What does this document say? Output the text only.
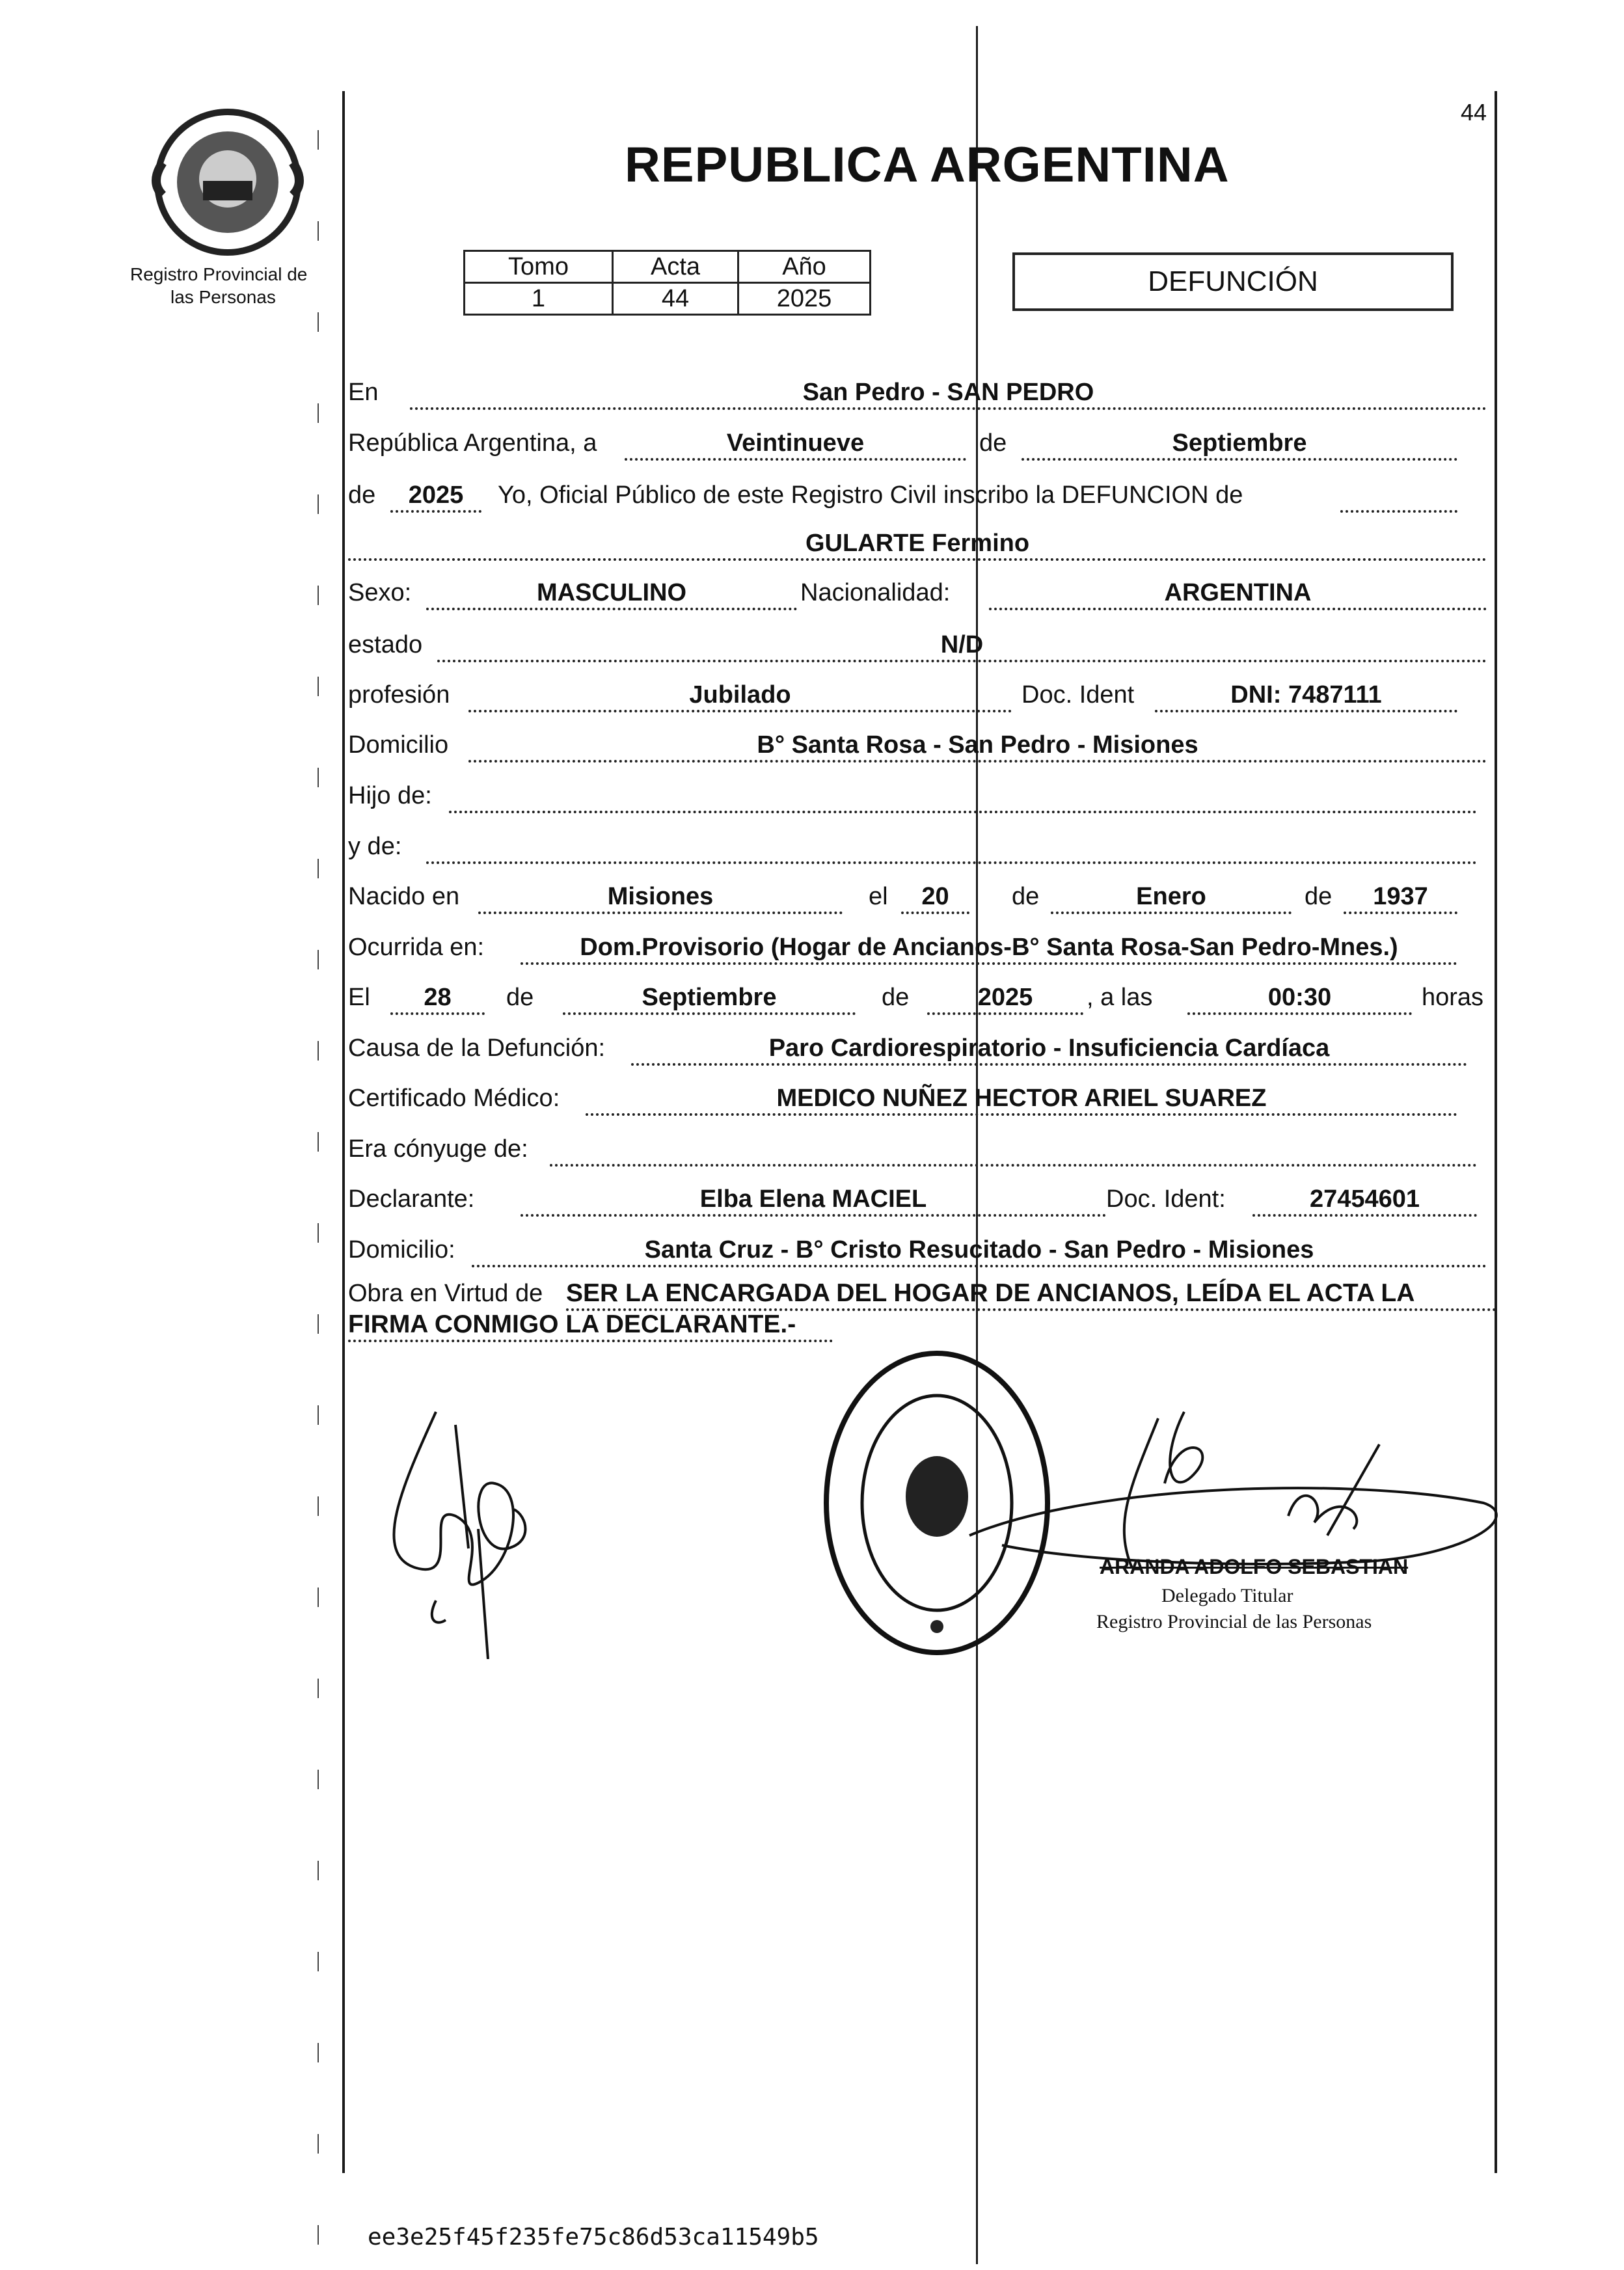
Registro Provincial de
las Personas
44
REPUBLICA ARGENTINA
Tomo	Acta	Año
1	44	2025
DEFUNCIÓN
En	San Pedro - SAN PEDRO
República Argentina, a	Veintinueve	de	Septiembre
de	2025	Yo, Oficial Público de este Registro Civil inscribo la DEFUNCION de
GULARTE Fermino
Sexo:	MASCULINO	Nacionalidad:	ARGENTINA
estado	N/D
profesión	Jubilado	Doc. Ident	DNI: 7487111
Domicilio	B° Santa Rosa - San Pedro - Misiones
Hijo de:
y de:
Nacido en	Misiones	el	20	de	Enero	de	1937
Ocurrida en:	Dom.Provisorio (Hogar de Ancianos-B° Santa Rosa-San Pedro-Mnes.)
El	28	de	Septiembre	de	2025	, a las	00:30	horas
Causa de la Defunción:	Paro Cardiorespiratorio - Insuficiencia Cardíaca
Certificado Médico:	MEDICO NUÑEZ HECTOR ARIEL SUAREZ
Era cónyuge de:
Declarante:	Elba Elena MACIEL	Doc. Ident:	27454601
Domicilio:	Santa Cruz - B° Cristo Resucitado - San Pedro - Misiones
Obra en Virtud de SER LA ENCARGADA DEL HOGAR DE ANCIANOS, LEÍDA EL ACTA LA
FIRMA CONMIGO LA DECLARANTE.-
ARANDA ADOLFO SEBASTIAN
Delegado Titular
Registro Provincial de las Personas
ee3e25f45f235fe75c86d53ca11549b5
